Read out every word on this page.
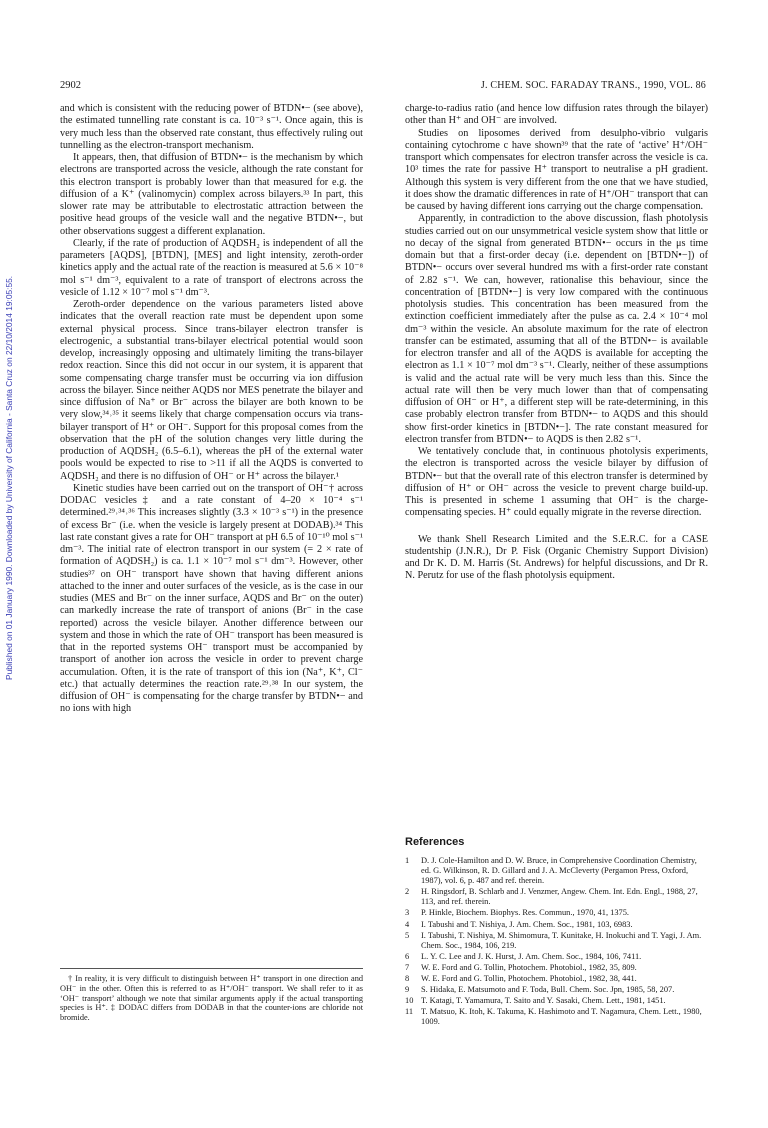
2902	J. CHEM. SOC. FARADAY TRANS., 1990, VOL. 86
Published on 01 January 1990. Downloaded by University of California - Santa Cruz on 22/10/2014 19:05:55.

and which is consistent with the reducing power of BTDN•− (see above), the estimated tunnelling rate constant is ca. 10⁻³ s⁻¹. Once again, this is very much less than the observed rate constant, thus effectively ruling out tunnelling as the electron-transport mechanism.

It appears, then, that diffusion of BTDN•− is the mechanism by which electrons are transported across the vesicle, although the rate constant for this electron transport is probably lower than that measured for e.g. the diffusion of a K⁺ (valinomycin) complex across bilayers.³³ In part, this slower rate may be attributable to electrostatic attraction between the positive head groups of the vesicle wall and the negative BTDN•−, but other observations suggest a different explanation.

Clearly, if the rate of production of AQDSH₂ is independent of all the parameters [AQDS], [BTDN], [MES] and light intensity, zeroth-order kinetics apply and the actual rate of the reaction is measured at 5.6 × 10⁻⁸ mol s⁻¹ dm⁻³, equivalent to a rate of transport of electrons across the vesicle of 1.12 × 10⁻⁷ mol s⁻¹ dm⁻³.

Zeroth-order dependence on the various parameters listed above indicates that the overall reaction rate must be dependent upon some external physical process. Since trans-bilayer electron transfer is electrogenic, a substantial trans-bilayer electrical potential would soon develop, increasingly opposing and ultimately limiting the trans-bilayer redox reaction. Since this did not occur in our system, it is apparent that some compensating charge transfer must be occurring via ion diffusion across the bilayer. Since neither AQDS nor MES penetrate the bilayer and since diffusion of Na⁺ or Br⁻ across the bilayer are both known to be very slow,³⁴˒³⁵ it seems likely that charge compensation occurs via trans-bilayer transport of H⁺ or OH⁻. Support for this proposal comes from the observation that the pH of the solution changes very little during the production of AQDSH₂ (6.5–6.1), whereas the pH of the external water pools would be expected to rise to >11 if all the AQDS is converted to AQDSH₂ and there is no diffusion of OH⁻ or H⁺ across the bilayer.¹

Kinetic studies have been carried out on the transport of OH⁻† across DODAC vesicles‡ and a rate constant of 4–20 × 10⁻⁴ s⁻¹ determined.²⁹˒³⁴˒³⁶ This increases slightly (3.3 × 10⁻³ s⁻¹) in the presence of excess Br⁻ (i.e. when the vesicle is largely present at DODAB).³⁴ This last rate constant gives a rate for OH⁻ transport at pH 6.5 of 10⁻¹⁰ mol s⁻¹ dm⁻³. The initial rate of electron transport in our system (= 2 × rate of formation of AQDSH₂) is ca. 1.1 × 10⁻⁷ mol s⁻¹ dm⁻³. However, other studies³⁷ on OH⁻ transport have shown that having different anions attached to the inner and outer surfaces of the vesicle, as is the case in our studies (MES and Br⁻ on the inner surface, AQDS and Br⁻ on the outer) can markedly increase the rate of transport of anions (Br⁻ in the case reported) across the vesicle bilayer. Another difference between our system and those in which the rate of OH⁻ transport has been measured is that in the reported systems OH⁻ transport must be accompanied by transport of another ion across the vesicle in order to prevent charge accumulation. Often, it is the rate of transport of this ion (Na⁺, K⁺, Cl⁻ etc.) that actually determines the reaction rate.²⁹˒³⁸ In our system, the diffusion of OH⁻ is compensating for the charge transfer by BTDN•− and no ions with high

† In reality, it is very difficult to distinguish between H⁺ transport in one direction and OH⁻ in the other. Often this is referred to as H⁺/OH⁻ transport. We shall refer to it as ‘OH⁻ transport’ although we note that similar arguments apply if the actual transporting species is H⁺. ‡ DODAC differs from DODAB in that the counter-ions are chloride not bromide.

charge-to-radius ratio (and hence low diffusion rates through the bilayer) other than H⁺ and OH⁻ are involved.

Studies on liposomes derived from desulpho-vibrio vulgaris containing cytochrome c have shown³⁹ that the rate of ‘active’ H⁺/OH⁻ transport which compensates for electron transfer across the vesicle is ca. 10³ times the rate for passive H⁺ transport to neutralise a pH gradient. Although this system is very different from the one that we have studied, it does show the dramatic differences in rate of H⁺/OH⁻ transport that can be caused by having different ions carrying out the charge compensation.

Apparently, in contradiction to the above discussion, flash photolysis studies carried out on our unsymmetrical vesicle system show that little or no decay of the signal from generated BTDN•− occurs in the μs time domain but that a first-order decay (i.e. dependent on [BTDN•−]) of BTDN•− occurs over several hundred ms with a first-order rate constant of 2.82 s⁻¹. We can, however, rationalise this behaviour, since the concentration of [BTDN•−] is very low compared with the continuous photolysis studies. This concentration has been measured from the extinction coefficient immediately after the pulse as ca. 2.4 × 10⁻⁴ mol dm⁻³ within the vesicle. An absolute maximum for the rate of electron transfer can be estimated, assuming that all of the BTDN•− is available for electron transfer and all of the AQDS is available for accepting the electron as 1.1 × 10⁻⁷ mol dm⁻³ s⁻¹. Clearly, neither of these assumptions is valid and the actual rate will be very much less than this. Since the actual rate will then be very much lower than that of compensating diffusion of OH⁻ or H⁺, a different step will be rate-determining, in this case probably electron transfer from BTDN•− to AQDS and this should show first-order kinetics in [BTDN•−]. The rate constant measured for electron transfer from BTDN•− to AQDS is then 2.82 s⁻¹.

We tentatively conclude that, in continuous photolysis experiments, the electron is transported across the vesicle bilayer by diffusion of BTDN•− but that the overall rate of this electron transfer is determined by diffusion of H⁺ or OH⁻ across the vesicle to prevent charge build-up. This is presented in scheme 1 assuming that OH⁻ is the charge-compensating species. H⁺ could equally migrate in the reverse direction.

We thank Shell Research Limited and the S.E.R.C. for a CASE studentship (J.N.R.), Dr P. Fisk (Organic Chemistry Support Division) and Dr K. D. M. Harris (St. Andrews) for helpful discussions, and Dr R. N. Perutz for use of the flash photolysis equipment.

References
1	D. J. Cole-Hamilton and D. W. Bruce, in Comprehensive Coordination Chemistry, ed. G. Wilkinson, R. D. Gillard and J. A. McCleverty (Pergamon Press, Oxford, 1987), vol. 6, p. 487 and ref. therein.
2	H. Ringsdorf, B. Schlarb and J. Venzmer, Angew. Chem. Int. Edn. Engl., 1988, 27, 113, and ref. therein.
3	P. Hinkle, Biochem. Biophys. Res. Commun., 1970, 41, 1375.
4	I. Tabushi and T. Nishiya, J. Am. Chem. Soc., 1981, 103, 6983.
5	I. Tabushi, T. Nishiya, M. Shimomura, T. Kunitake, H. Inokuchi and T. Yagi, J. Am. Chem. Soc., 1984, 106, 219.
6	L. Y. C. Lee and J. K. Hurst, J. Am. Chem. Soc., 1984, 106, 7411.
7	W. E. Ford and G. Tollin, Photochem. Photobiol., 1982, 35, 809.
8	W. E. Ford and G. Tollin, Photochem. Photobiol., 1982, 38, 441.
9	S. Hidaka, E. Matsumoto and F. Toda, Bull. Chem. Soc. Jpn, 1985, 58, 207.
10 T. Katagi, T. Yamamura, T. Saito and Y. Sasaki, Chem. Lett., 1981, 1451.
11 T. Matsuo, K. Itoh, K. Takuma, K. Hashimoto and T. Nagamura, Chem. Lett., 1980, 1009.
